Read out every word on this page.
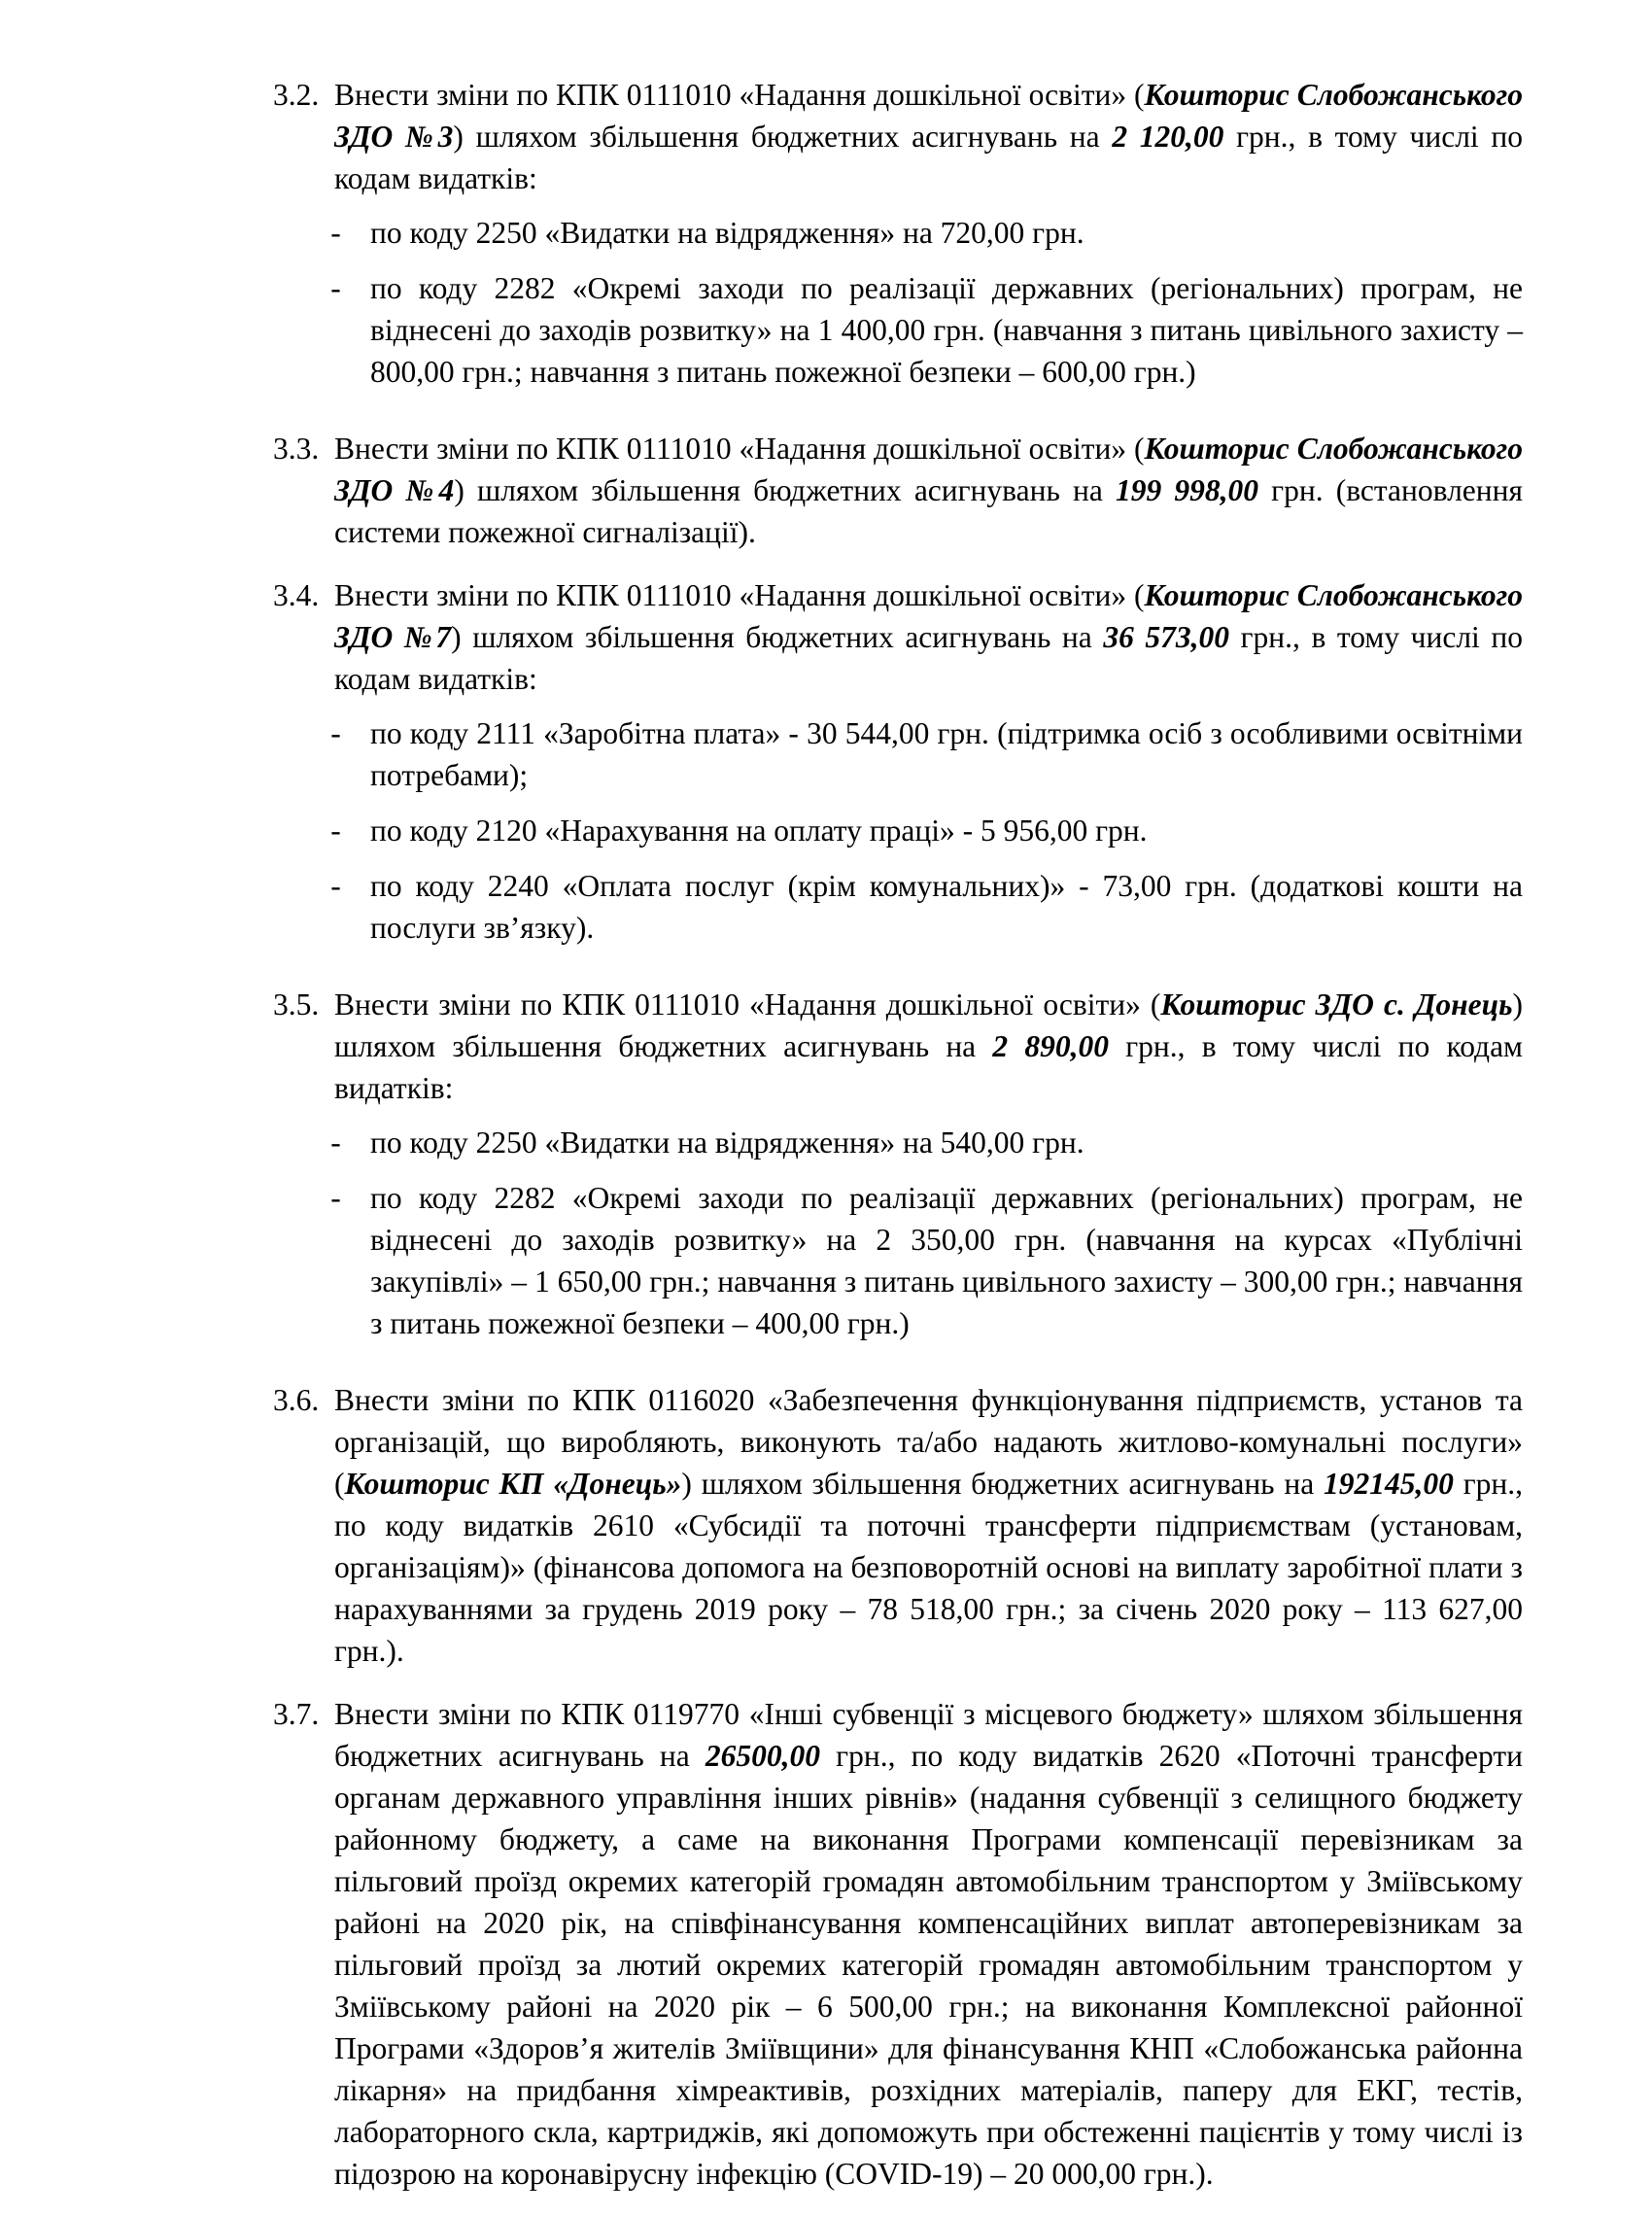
3.2. Внести зміни по КПК 0111010 «Надання дошкільної освіти» (Кошторис Слобожанського ЗДО №3) шляхом збільшення бюджетних асигнувань на 2 120,00 грн., в тому числі по кодам видатків:

- по коду 2250 «Видатки на відрядження» на 720,00 грн.
- по коду 2282 «Окремі заходи по реалізації державних (регіональних) програм, не віднесені до заходів розвитку» на 1 400,00 грн. (навчання з питань цивільного захисту – 800,00 грн.; навчання з питань пожежної безпеки – 600,00 грн.)
3.3. Внести зміни по КПК 0111010 «Надання дошкільної освіти» (Кошторис Слобожанського ЗДО №4) шляхом збільшення бюджетних асигнувань на 199 998,00 грн. (встановлення системи пожежної сигналізації).

3.4. Внести зміни по КПК 0111010 «Надання дошкільної освіти» (Кошторис Слобожанського ЗДО №7) шляхом збільшення бюджетних асигнувань на 36 573,00 грн., в тому числі по кодам видатків:

- по коду 2111 «Заробітна плата» - 30 544,00 грн. (підтримка осіб з особливими освітніми потребами);
- по коду 2120 «Нарахування на оплату праці» - 5 956,00 грн.
- по коду 2240 «Оплата послуг (крім комунальних)» - 73,00 грн. (додаткові кошти на послуги зв’язку).
3.5. Внести зміни по КПК 0111010 «Надання дошкільної освіти» (Кошторис ЗДО с. Донець) шляхом збільшення бюджетних асигнувань на 2 890,00 грн., в тому числі по кодам видатків:

- по коду 2250 «Видатки на відрядження» на 540,00 грн.
- по коду 2282 «Окремі заходи по реалізації державних (регіональних) програм, не віднесені до заходів розвитку» на 2 350,00 грн. (навчання на курсах «Публічні закупівлі» – 1 650,00 грн.; навчання з питань цивільного захисту – 300,00 грн.; навчання з питань пожежної безпеки – 400,00 грн.)
3.6. Внести зміни по КПК 0116020 «Забезпечення функціонування підприємств, установ та організацій, що виробляють, виконують та/або надають житлово-комунальні послуги» (Кошторис КП «Донець») шляхом збільшення бюджетних асигнувань на 192145,00 грн., по коду видатків 2610 «Субсидії та поточні трансферти підприємствам (установам, організаціям)» (фінансова допомога на безповоротній основі на виплату заробітної плати з нарахуваннями за грудень 2019 року – 78 518,00 грн.; за січень 2020 року – 113 627,00 грн.).

3.7. Внести зміни по КПК 0119770 «Інші субвенції з місцевого бюджету» шляхом збільшення бюджетних асигнувань на 26500,00 грн., по коду видатків 2620 «Поточні трансферти органам державного управління інших рівнів» (надання субвенції з селищного бюджету районному бюджету, а саме на виконання Програми компенсації перевізникам за пільговий проїзд окремих категорій громадян автомобільним транспортом у Зміївському районі на 2020 рік, на співфінансування компенсаційних виплат автоперевізникам за пільговий проїзд за лютий окремих категорій громадян автомобільним транспортом у Зміївському районі на 2020 рік – 6 500,00 грн.; на виконання Комплексної районної Програми «Здоров’я жителів Зміївщини» для фінансування КНП «Слобожанська районна лікарня» на придбання хімреактивів, розхідних матеріалів, паперу для ЕКГ, тестів, лабораторного скла, картриджів, які допоможуть при обстеженні пацієнтів у тому числі із підозрою на коронавірусну інфекцію (COVID-19) – 20 000,00 грн.).
